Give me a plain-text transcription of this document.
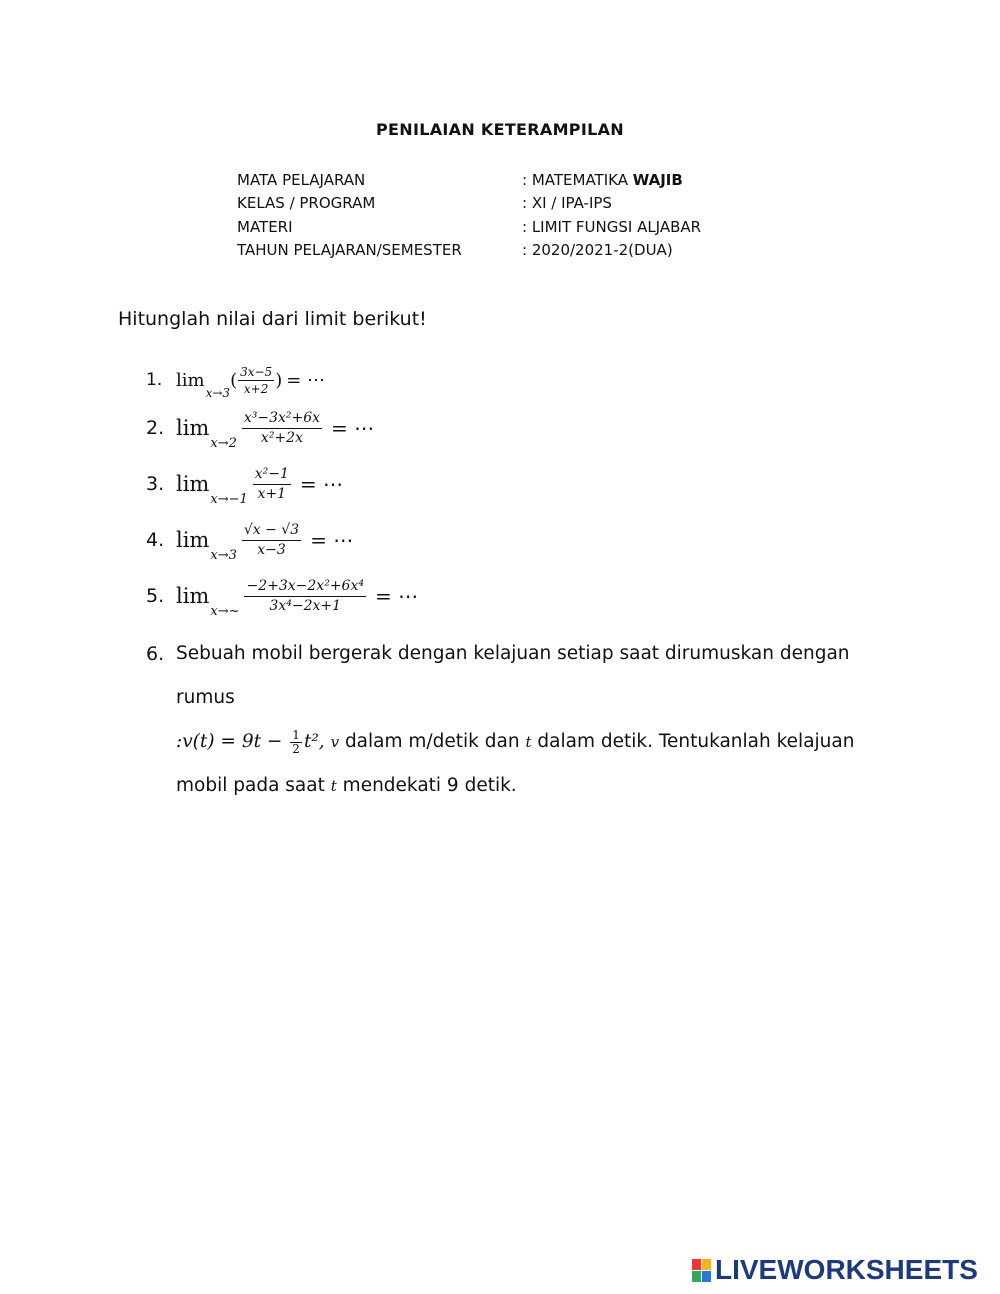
PENILAIAN KETERAMPILAN
MATA PELAJARAN	: MATEMATIKA WAJIB
KELAS / PROGRAM	: XI / IPA-IPS
MATERI	: LIMIT FUNGSI ALJABAR
TAHUN PELAJARAN/SEMESTER	: 2020/2021-2(DUA)
Hitunglah nilai dari limit berikut!
1. lim
x→3
( $\frac{3x-5}{x+2}$ ) = ⋯
2. lim
$x\to 2 \frac{\text{x³−3x²+6x}}{\text{x²+2x}}$ = ⋯
3. lim
$x\to-1 \frac{\text{x²−1}}{x+1}$ = ⋯
4. lim
$x\to 3 \frac{√x - √3}{x-3}$ = ⋯
5. lim
x→~ $\frac{\text{−2+3x−2x²+6x⁴}}{\text{3x⁴−2x+1}}$ = ⋯
6. Sebuah mobil bergerak dengan kelajuan setiap saat dirumuskan dengan rumus
:v(t) = $9t - \frac{1}{2} t^2$, v dalam m/detik dan t dalam detik. Tentukanlah kelajuan
mobil pada saat t mendekati 9 detik.
LIVEWORKSHEETS
